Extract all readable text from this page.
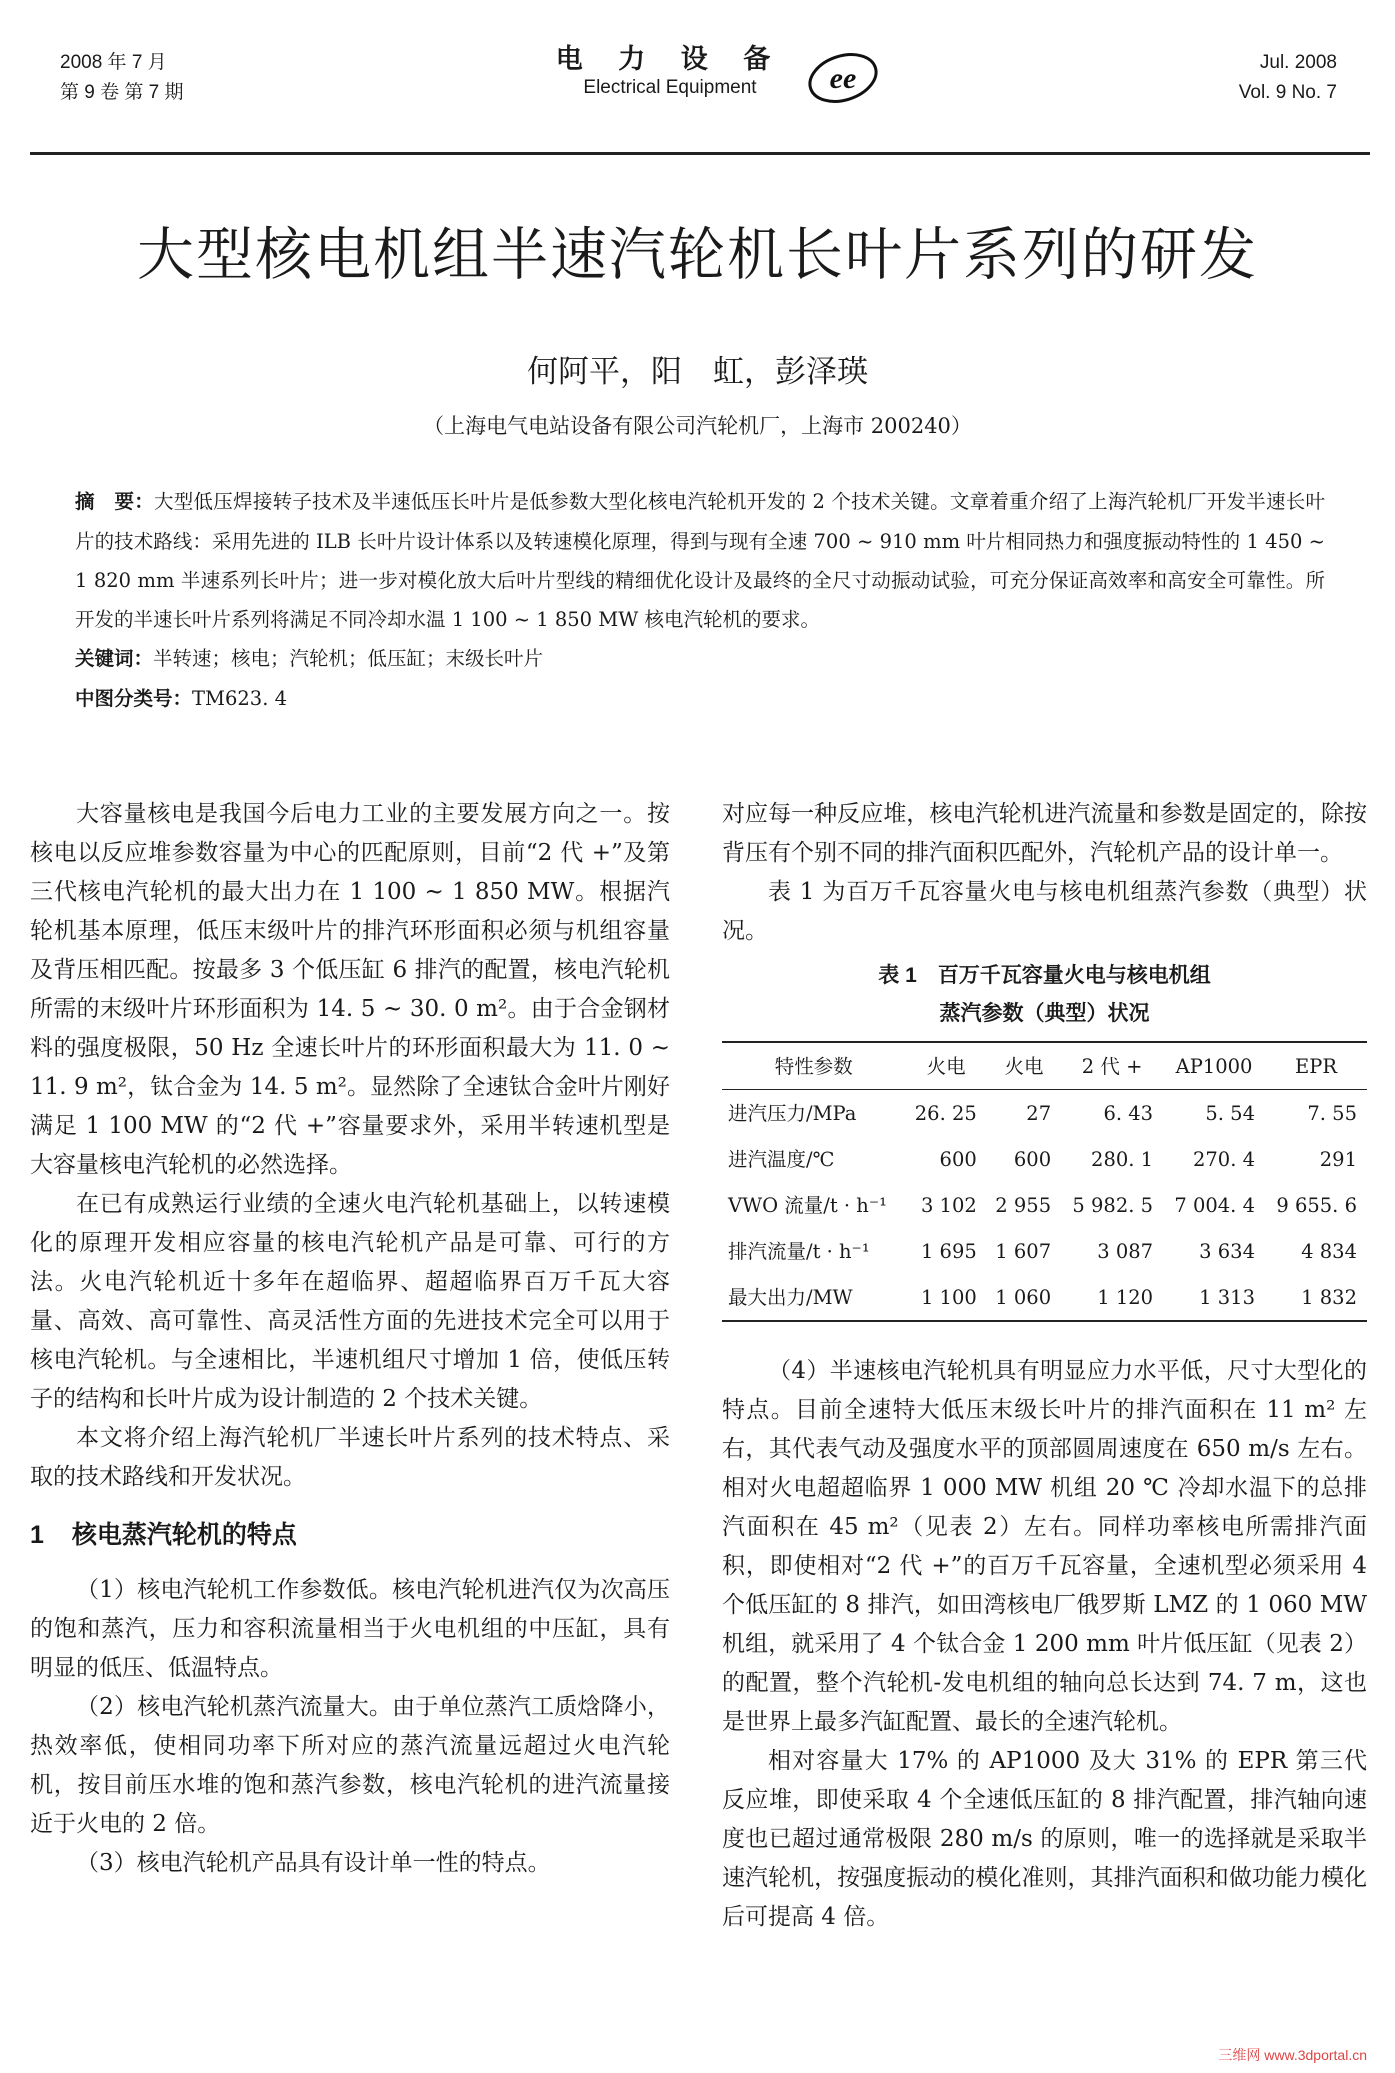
2008 年 7 月
第 9 卷 第 7 期
电 力 设 备
Electrical Equipment	ee	Jul. 2008
Vol. 9 No. 7
大型核电机组半速汽轮机长叶片系列的研发
何阿平，阳　虹，彭泽瑛
（上海电气电站设备有限公司汽轮机厂，上海市 200240）

摘　要：大型低压焊接转子技术及半速低压长叶片是低参数大型化核电汽轮机开发的 2 个技术关键。文章着重介绍了上海汽轮机厂开发半速长叶片的技术路线：采用先进的 ILB 长叶片设计体系以及转速模化原理，得到与现有全速 700 ~ 910 mm 叶片相同热力和强度振动特性的 1 450 ~ 1 820 mm 半速系列长叶片；进一步对模化放大后叶片型线的精细优化设计及最终的全尺寸动振动试验，可充分保证高效率和高安全可靠性。所开发的半速长叶片系列将满足不同冷却水温 1 100 ~ 1 850 MW 核电汽轮机的要求。

关键词：半转速；核电；汽轮机；低压缸；末级长叶片

中图分类号：TM623. 4

大容量核电是我国今后电力工业的主要发展方向之一。按核电以反应堆参数容量为中心的匹配原则，目前“2 代 +”及第三代核电汽轮机的最大出力在 1 100 ~ 1 850 MW。根据汽轮机基本原理，低压末级叶片的排汽环形面积必须与机组容量及背压相匹配。按最多 3 个低压缸 6 排汽的配置，核电汽轮机所需的末级叶片环形面积为 14. 5 ~ 30. 0 m²。由于合金钢材料的强度极限，50 Hz 全速长叶片的环形面积最大为 11. 0 ~ 11. 9 m²，钛合金为 14. 5 m²。显然除了全速钛合金叶片刚好满足 1 100 MW 的“2 代 +”容量要求外，采用半转速机型是大容量核电汽轮机的必然选择。

在已有成熟运行业绩的全速火电汽轮机基础上，以转速模化的原理开发相应容量的核电汽轮机产品是可靠、可行的方法。火电汽轮机近十多年在超临界、超超临界百万千瓦大容量、高效、高可靠性、高灵活性方面的先进技术完全可以用于核电汽轮机。与全速相比，半速机组尺寸增加 1 倍，使低压转子的结构和长叶片成为设计制造的 2 个技术关键。

本文将介绍上海汽轮机厂半速长叶片系列的技术特点、采取的技术路线和开发状况。

1 核电蒸汽轮机的特点

（1）核电汽轮机工作参数低。核电汽轮机进汽仅为次高压的饱和蒸汽，压力和容积流量相当于火电机组的中压缸，具有明显的低压、低温特点。

（2）核电汽轮机蒸汽流量大。由于单位蒸汽工质焓降小，热效率低，使相同功率下所对应的蒸汽流量远超过火电汽轮机，按目前压水堆的饱和蒸汽参数，核电汽轮机的进汽流量接近于火电的 2 倍。

（3）核电汽轮机产品具有设计单一性的特点。

对应每一种反应堆，核电汽轮机进汽流量和参数是固定的，除按背压有个别不同的排汽面积匹配外，汽轮机产品的设计单一。

表 1 为百万千瓦容量火电与核电机组蒸汽参数（典型）状况。

表 1　百万千瓦容量火电与核电机组
蒸汽参数（典型）状况
特性参数	火电	火电	2 代 +	AP1000	EPR
进汽压力/MPa	26. 25	27	6. 43	5. 54	7. 55
进汽温度/℃	600	600	280. 1	270. 4	291
VWO 流量/t · h⁻¹	3 102	2 955	5 982. 5	7 004. 4	9 655. 6
排汽流量/t · h⁻¹	1 695	1 607	3 087	3 634	4 834
最大出力/MW	1 100	1 060	1 120	1 313	1 832

（4）半速核电汽轮机具有明显应力水平低，尺寸大型化的特点。目前全速特大低压末级长叶片的排汽面积在 11 m² 左右，其代表气动及强度水平的顶部圆周速度在 650 m/s 左右。相对火电超超临界 1 000 MW 机组 20 ℃ 冷却水温下的总排汽面积在 45 m²（见表 2）左右。同样功率核电所需排汽面积，即使相对“2 代 +”的百万千瓦容量，全速机型必须采用 4 个低压缸的 8 排汽，如田湾核电厂俄罗斯 LMZ 的 1 060 MW 机组，就采用了 4 个钛合金 1 200 mm 叶片低压缸（见表 2）的配置，整个汽轮机-发电机组的轴向总长达到 74. 7 m，这也是世界上最多汽缸配置、最长的全速汽轮机。

相对容量大 17% 的 AP1000 及大 31% 的 EPR 第三代反应堆，即使采取 4 个全速低压缸的 8 排汽配置，排汽轴向速度也已超过通常极限 280 m/s 的原则，唯一的选择就是采取半速汽轮机，按强度振动的模化准则，其排汽面积和做功能力模化后可提高 4 倍。

三维网 www.3dportal.cn
